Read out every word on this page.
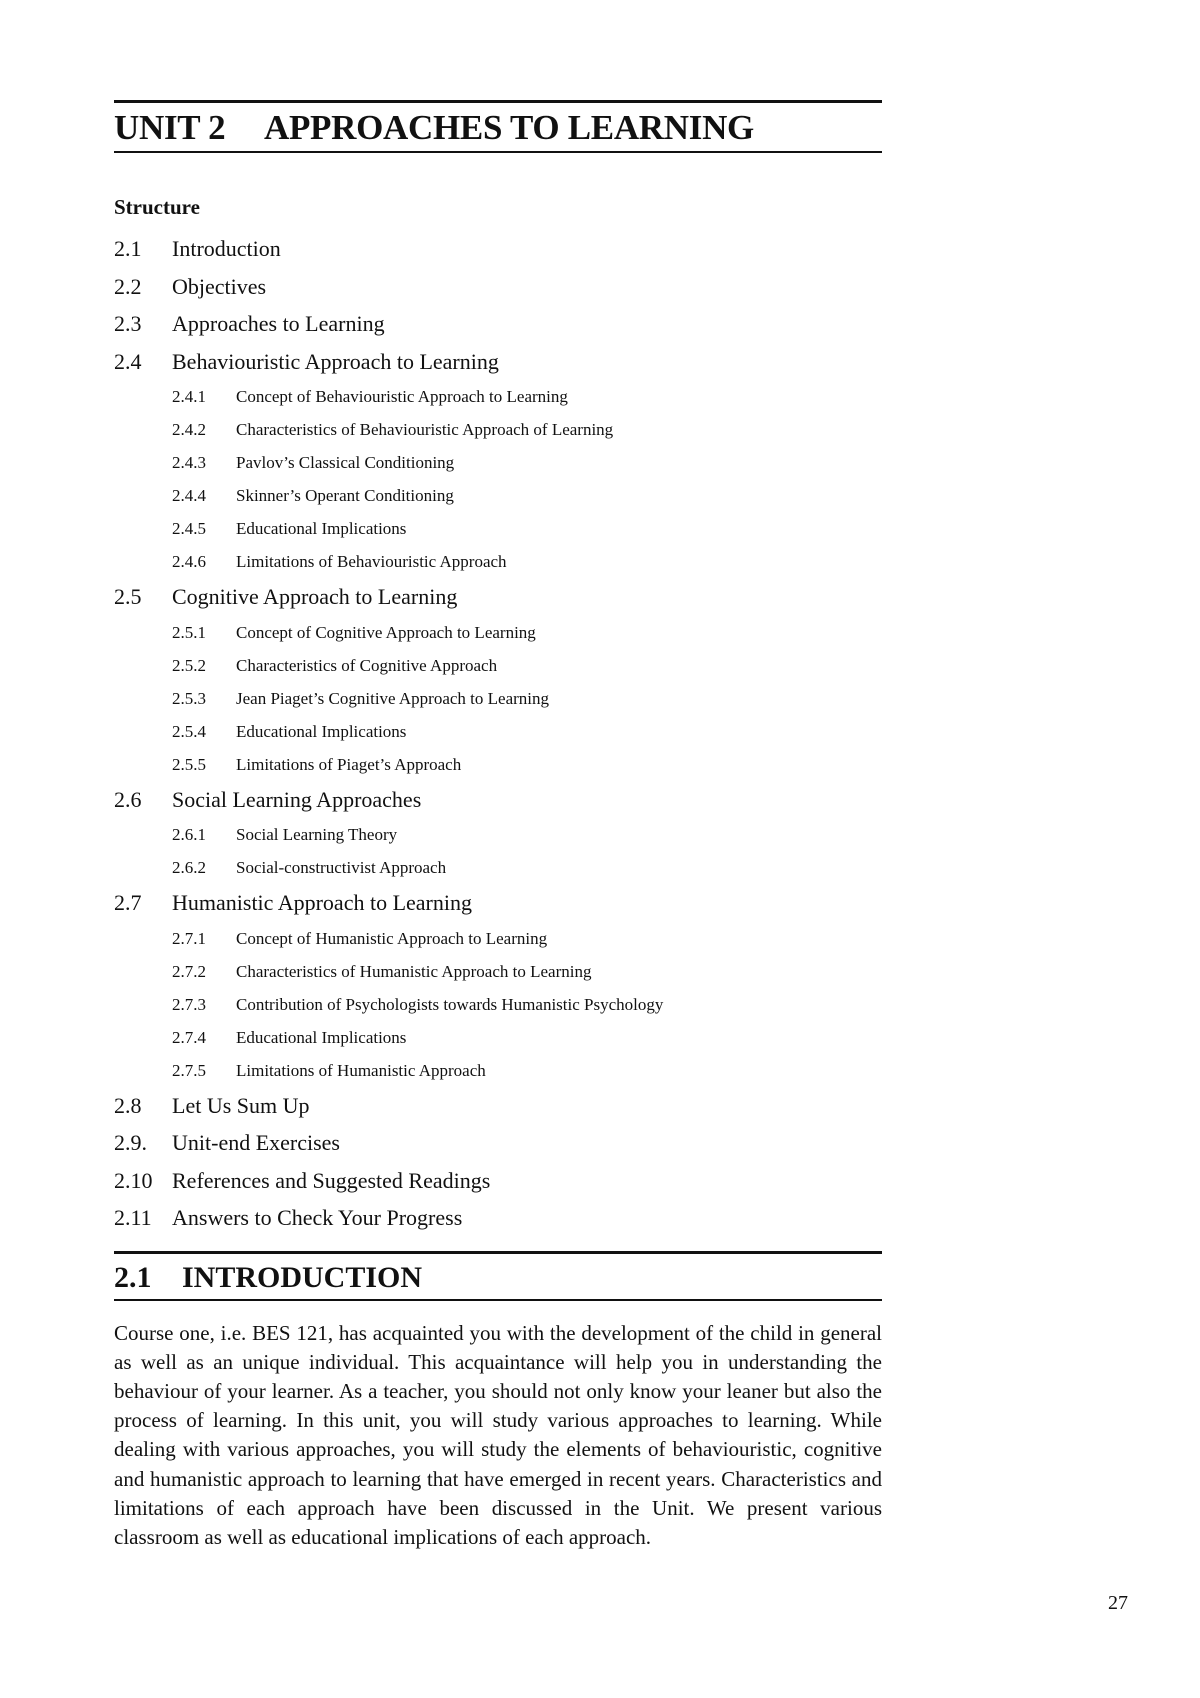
UNIT 2 APPROACHES TO LEARNING
Structure
2.1	Introduction
2.2	Objectives
2.3	Approaches to Learning
2.4	Behaviouristic Approach to Learning
2.4.1	Concept of Behaviouristic Approach to Learning
2.4.2	Characteristics of Behaviouristic Approach of Learning
2.4.3	Pavlov’s Classical Conditioning
2.4.4	Skinner’s Operant Conditioning
2.4.5	Educational Implications
2.4.6	Limitations of Behaviouristic Approach
2.5	Cognitive Approach to Learning
2.5.1	Concept of Cognitive Approach to Learning
2.5.2	Characteristics of Cognitive Approach
2.5.3	Jean Piaget’s Cognitive Approach to Learning
2.5.4	Educational Implications
2.5.5	Limitations of Piaget’s Approach
2.6	Social Learning Approaches
2.6.1	Social Learning Theory
2.6.2	Social-constructivist Approach
2.7	Humanistic Approach to Learning
2.7.1	Concept of Humanistic Approach to Learning
2.7.2	Characteristics of Humanistic Approach to Learning
2.7.3	Contribution of Psychologists towards Humanistic Psychology
2.7.4	Educational Implications
2.7.5	Limitations of Humanistic Approach
2.8	Let Us Sum Up
2.9.	Unit-end Exercises
2.10 References and Suggested Readings
2.11 Answers to Check Your Progress
2.1 INTRODUCTION

Course one, i.e. BES 121, has acquainted you with the development of the child in general as well as an unique individual. This acquaintance will help you in understanding the behaviour of your learner. As a teacher, you should not only know your leaner but also the process of learning. In this unit, you will study various approaches to learning. While dealing with various approaches, you will study the elements of behaviouristic, cognitive and humanistic approach to learning that have emerged in recent years. Characteristics and limitations of each approach have been discussed in the Unit. We present various classroom as well as educational implications of each approach.

27
